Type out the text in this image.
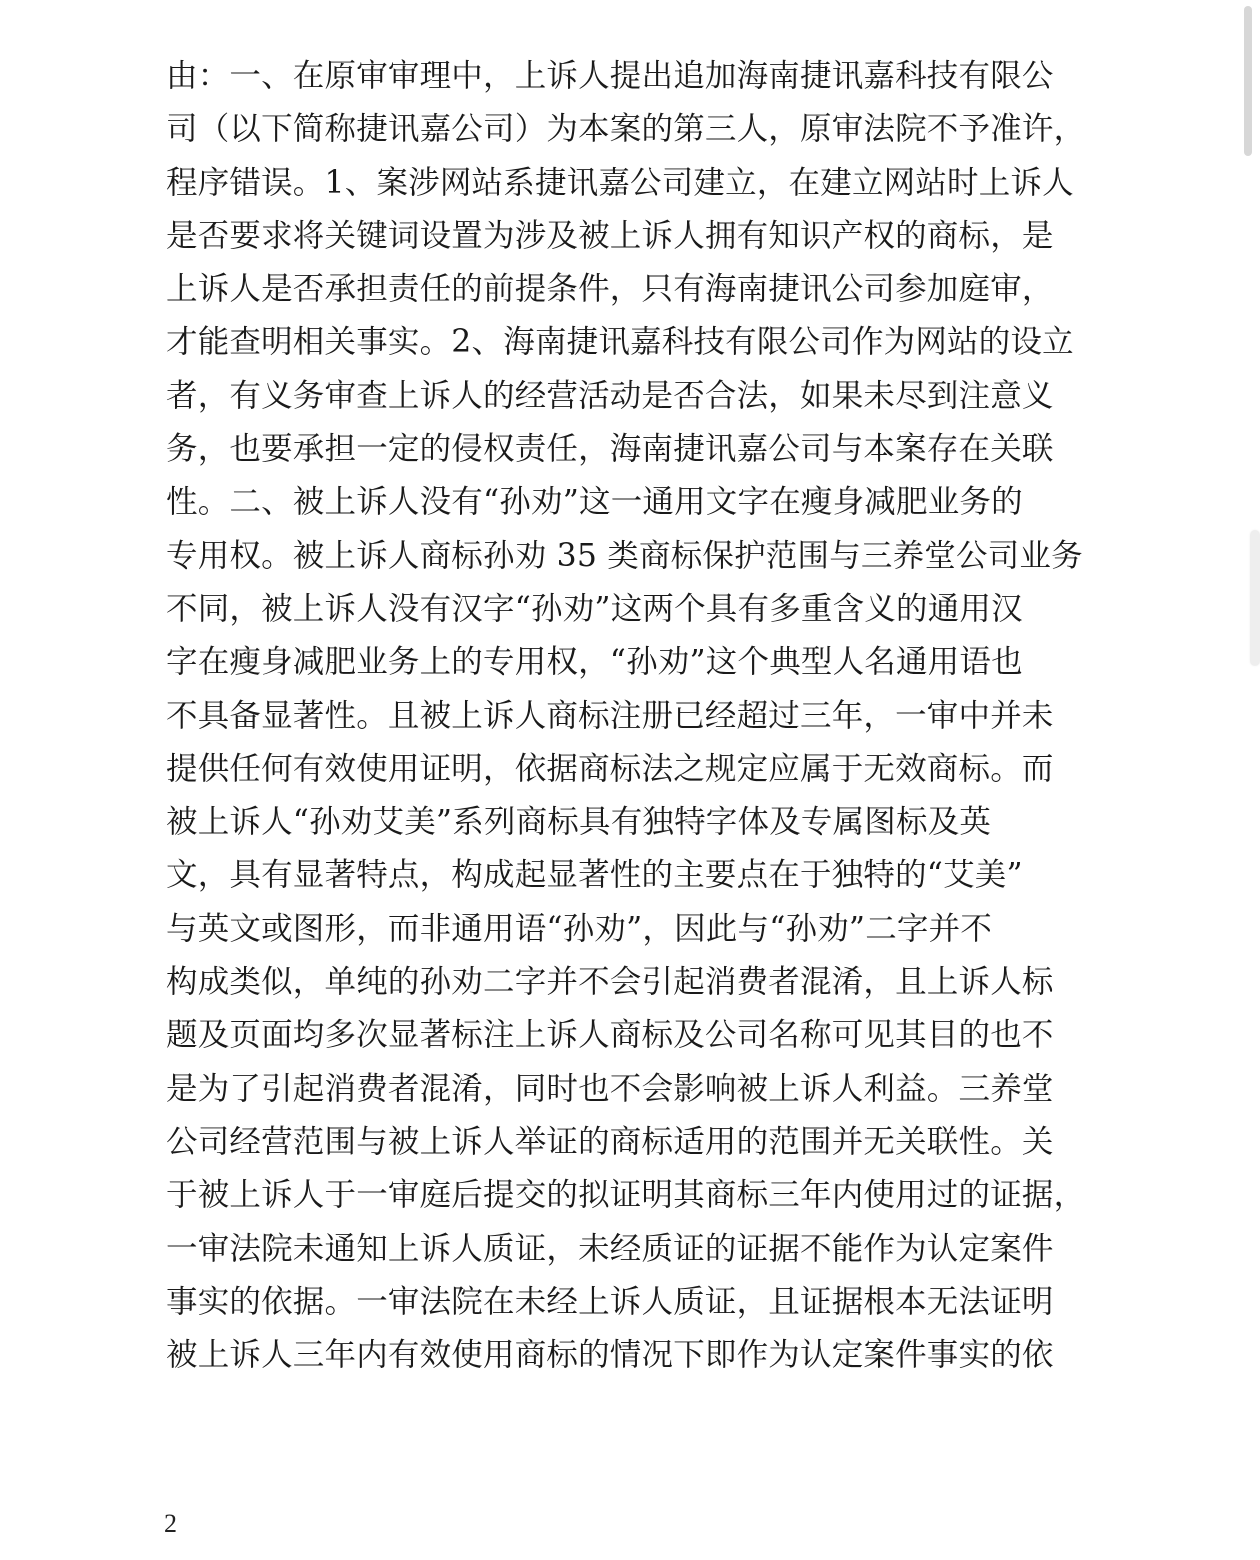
由：一、在原审审理中，上诉人提出追加海南捷讯嘉科技有限公
司（以下简称捷讯嘉公司）为本案的第三人，原审法院不予准许，
程序错误。1、案涉网站系捷讯嘉公司建立，在建立网站时上诉人
是否要求将关键词设置为涉及被上诉人拥有知识产权的商标，是
上诉人是否承担责任的前提条件，只有海南捷讯公司参加庭审，
才能查明相关事实。2、海南捷讯嘉科技有限公司作为网站的设立
者，有义务审查上诉人的经营活动是否合法，如果未尽到注意义
务，也要承担一定的侵权责任，海南捷讯嘉公司与本案存在关联
性。二、被上诉人没有“孙劝”这一通用文字在瘦身减肥业务的
专用权。被上诉人商标孙劝 35 类商标保护范围与三养堂公司业务
不同，被上诉人没有汉字“孙劝”这两个具有多重含义的通用汉
字在瘦身减肥业务上的专用权，“孙劝”这个典型人名通用语也
不具备显著性。且被上诉人商标注册已经超过三年，一审中并未
提供任何有效使用证明，依据商标法之规定应属于无效商标。而
被上诉人“孙劝艾美”系列商标具有独特字体及专属图标及英
文，具有显著特点，构成起显著性的主要点在于独特的“艾美”
与英文或图形，而非通用语“孙劝”，因此与“孙劝”二字并不
构成类似，单纯的孙劝二字并不会引起消费者混淆，且上诉人标
题及页面均多次显著标注上诉人商标及公司名称可见其目的也不
是为了引起消费者混淆，同时也不会影响被上诉人利益。三养堂
公司经营范围与被上诉人举证的商标适用的范围并无关联性。关
于被上诉人于一审庭后提交的拟证明其商标三年内使用过的证据，
一审法院未通知上诉人质证，未经质证的证据不能作为认定案件
事实的依据。一审法院在未经上诉人质证，且证据根本无法证明
被上诉人三年内有效使用商标的情况下即作为认定案件事实的依
2
